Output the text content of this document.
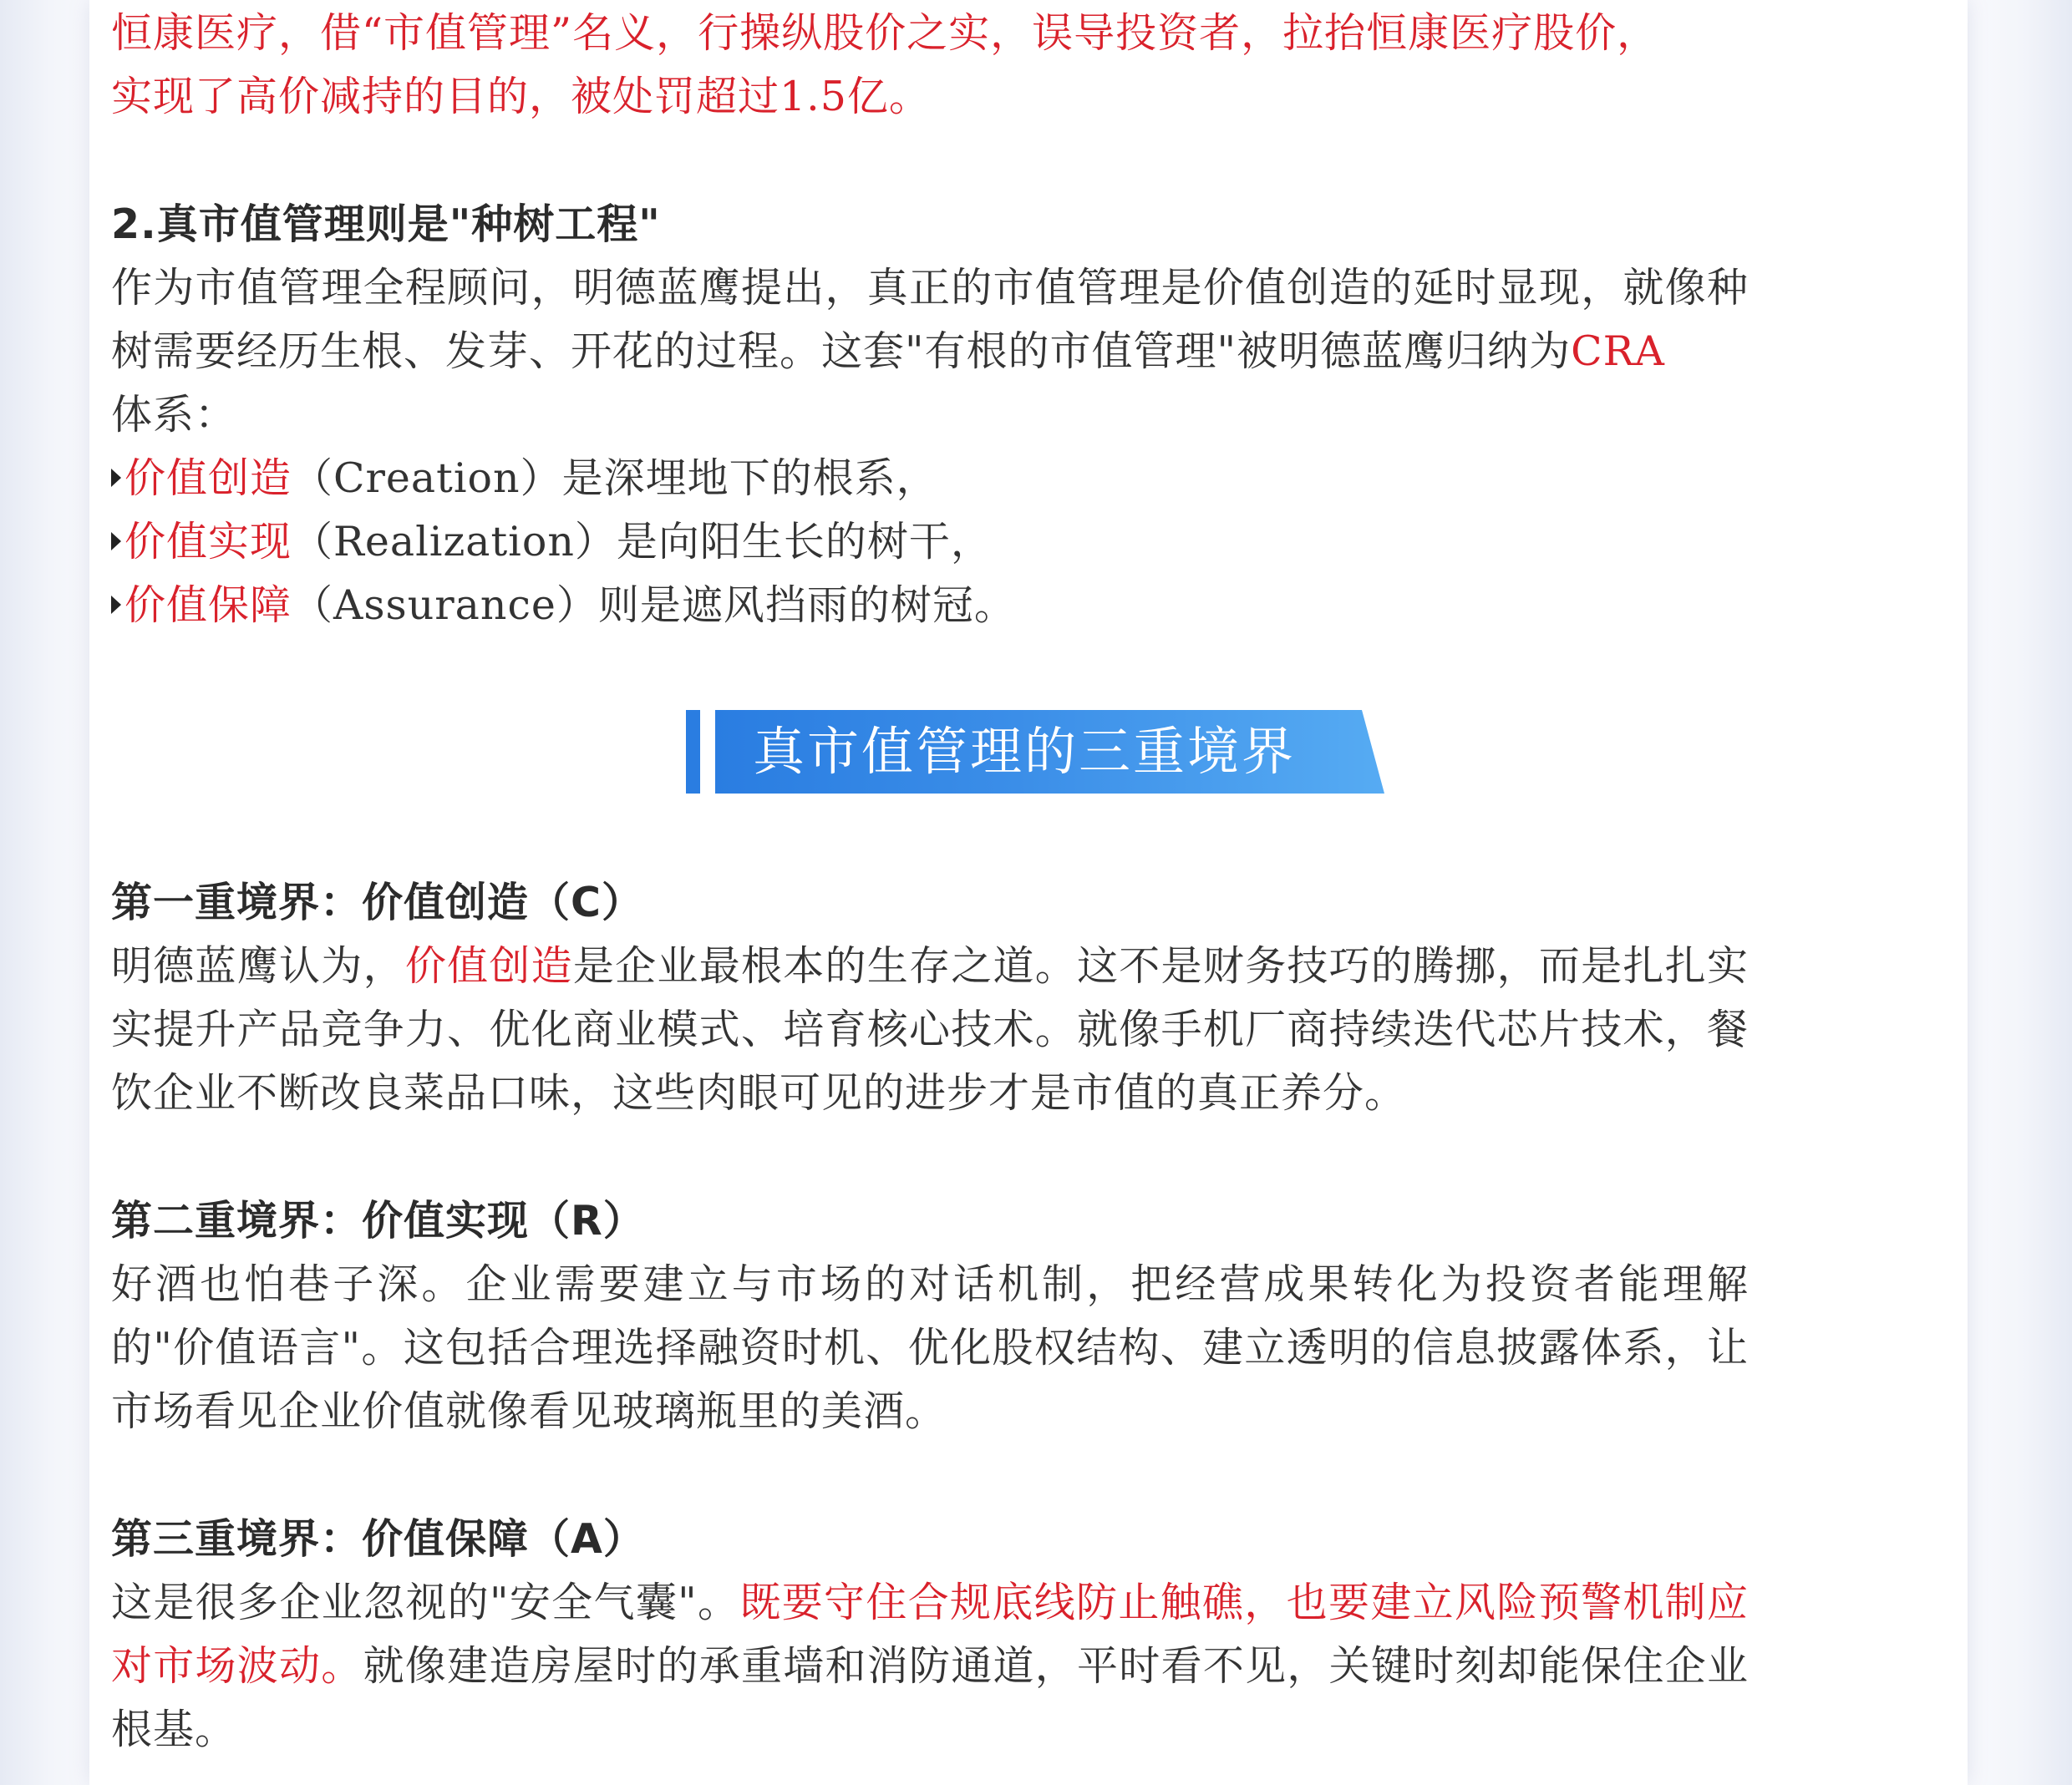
恒康医疗，借“市值管理”名义，行操纵股价之实，误导投资者，拉抬恒康医疗股价，

实现了高价减持的目的，被处罚超过1.5亿。

2.真市值管理则是"种树工程"

作为市值管理全程顾问，明德蓝鹰提出，真正的市值管理是价值创造的延时显现，就像种树需要经历生根、发芽、开花的过程。这套"有根的市值管理"被明德蓝鹰归纳为CRA
体系：

价值创造（Creation）是深埋地下的根系，

价值实现（Realization）是向阳生长的树干，

价值保障（Assurance）则是遮风挡雨的树冠。

真市值管理的三重境界

第一重境界：价值创造（C）

明德蓝鹰认为，价值创造是企业最根本的生存之道。这不是财务技巧的腾挪，而是扎扎实实提升产品竞争力、优化商业模式、培育核心技术。就像手机厂商持续迭代芯片技术，餐饮企业不断改良菜品口味，这些肉眼可见的进步才是市值的真正养分。

第二重境界：价值实现（R）

好酒也怕巷子深。企业需要建立与市场的对话机制，把经营成果转化为投资者能理解的"价值语言"。这包括合理选择融资时机、优化股权结构、建立透明的信息披露体系，让市场看见企业价值就像看见玻璃瓶里的美酒。

第三重境界：价值保障（A）

这是很多企业忽视的"安全气囊"。既要守住合规底线防止触礁，也要建立风险预警机制应对市场波动。就像建造房屋时的承重墙和消防通道，平时看不见，关键时刻却能保住企业根基。
